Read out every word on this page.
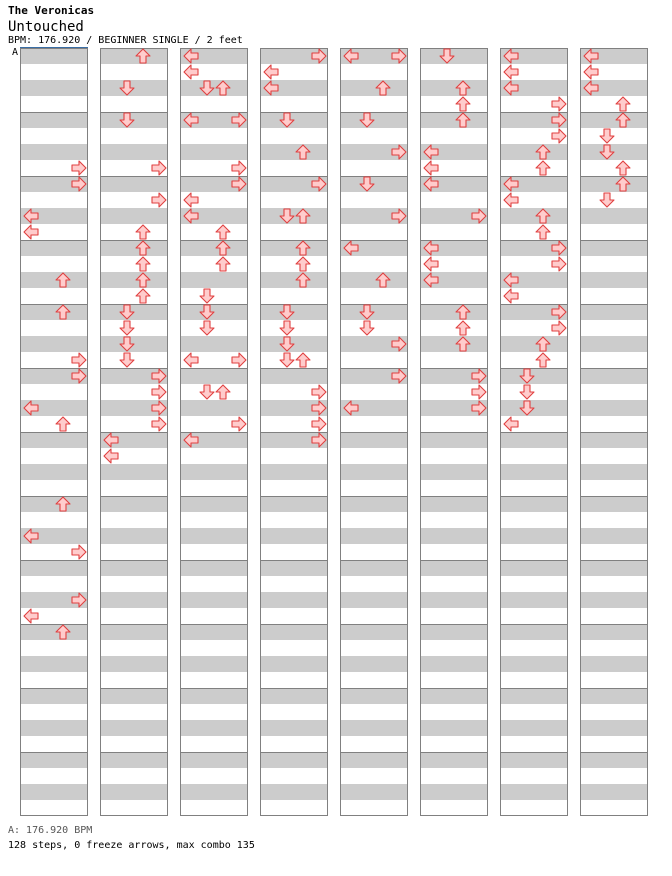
The Veronicas
Untouched
BPM: 176.920 / BEGINNER SINGLE / 2 feet
A
A: 176.920 BPM
128 steps, 0 freeze arrows, max combo 135
